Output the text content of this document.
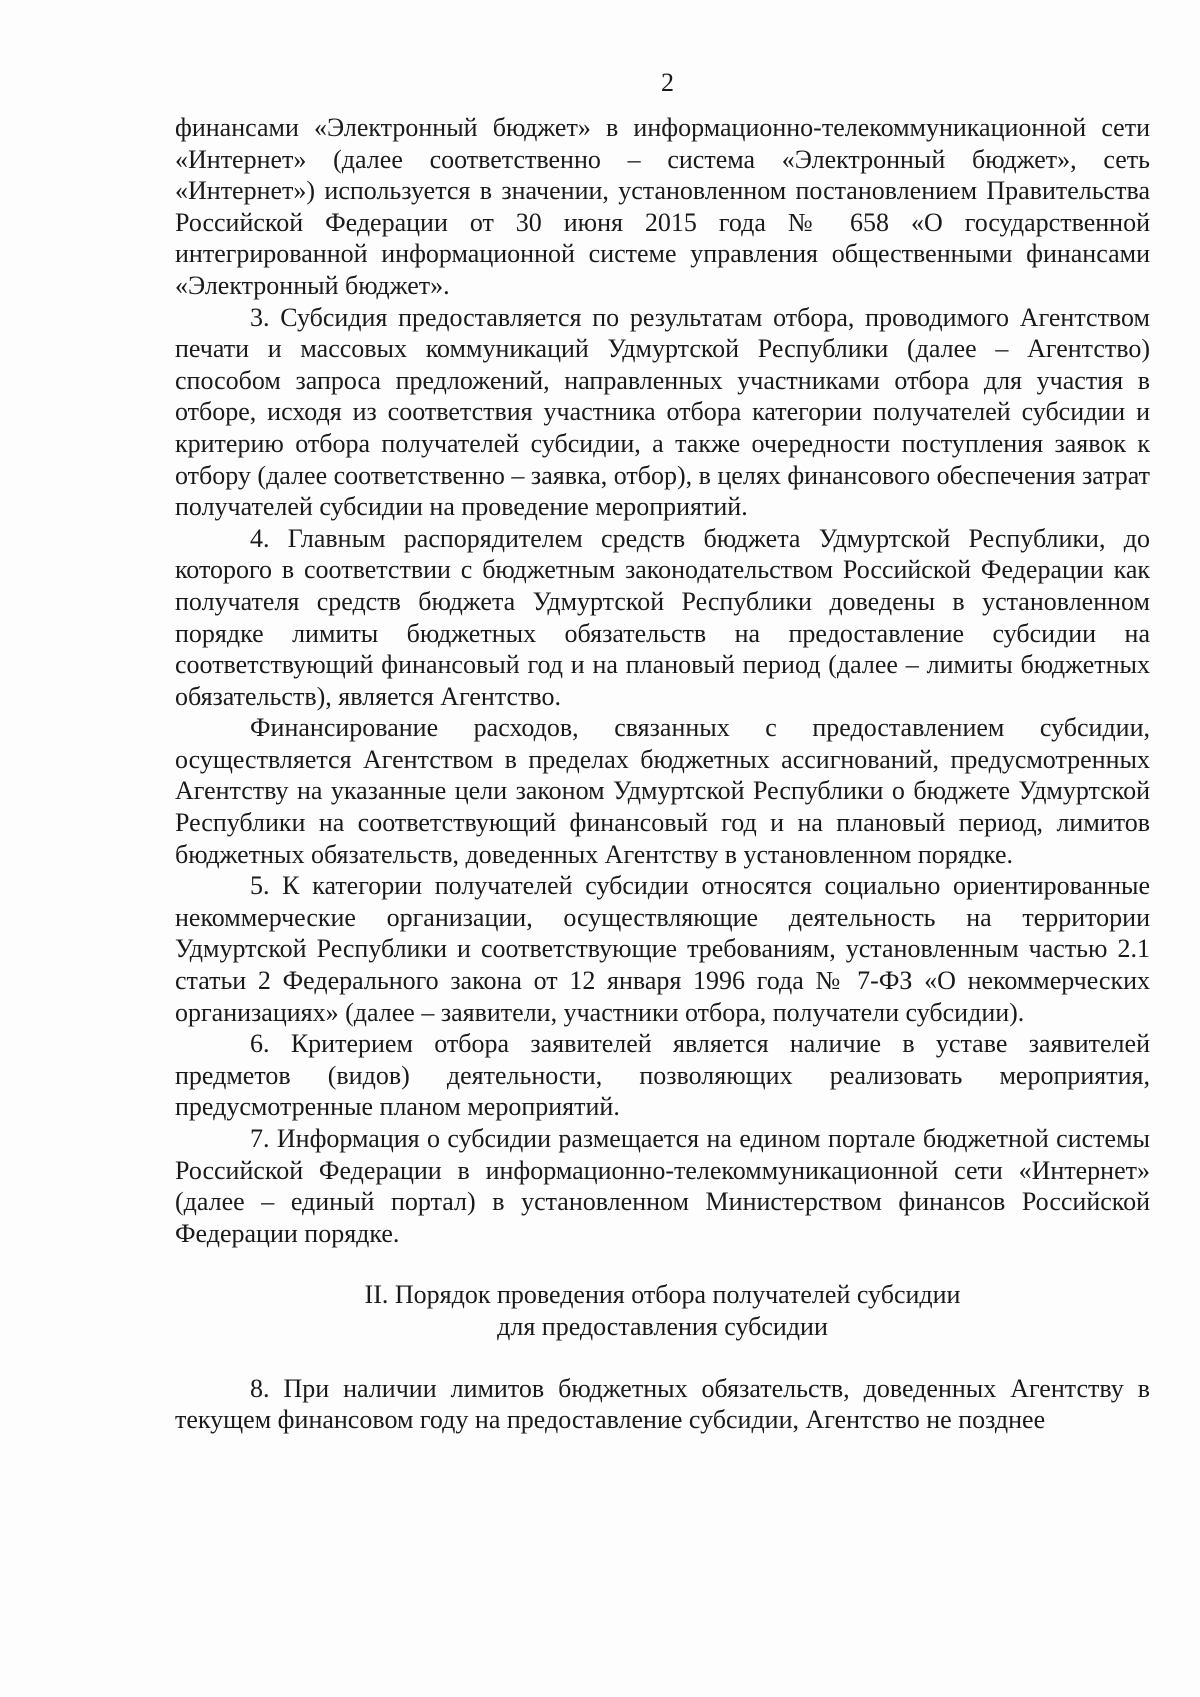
2

финансами «Электронный бюджет» в информационно-телекоммуникационной сети «Интернет» (далее соответственно – система «Электронный бюджет», сеть «Интернет») используется в значении, установленном постановлением Правительства Российской Федерации от 30 июня 2015 года № 658 «О государственной интегрированной информационной системе управления общественными финансами «Электронный бюджет».

3. Субсидия предоставляется по результатам отбора, проводимого Агентством печати и массовых коммуникаций Удмуртской Республики (далее – Агентство) способом запроса предложений, направленных участниками отбора для участия в отборе, исходя из соответствия участника отбора категории получателей субсидии и критерию отбора получателей субсидии, а также очередности поступления заявок к отбору (далее соответственно – заявка, отбор), в целях финансового обеспечения затрат получателей субсидии на проведение мероприятий.

4. Главным распорядителем средств бюджета Удмуртской Республики, до которого в соответствии с бюджетным законодательством Российской Федерации как получателя средств бюджета Удмуртской Республики доведены в установленном порядке лимиты бюджетных обязательств на предоставление субсидии на соответствующий финансовый год и на плановый период (далее – лимиты бюджетных обязательств), является Агентство.

Финансирование расходов, связанных с предоставлением субсидии, осуществляется Агентством в пределах бюджетных ассигнований, предусмотренных Агентству на указанные цели законом Удмуртской Республики о бюджете Удмуртской Республики на соответствующий финансовый год и на плановый период, лимитов бюджетных обязательств, доведенных Агентству в установленном порядке.

5. К категории получателей субсидии относятся социально ориентированные некоммерческие организации, осуществляющие деятельность на территории Удмуртской Республики и соответствующие требованиям, установленным частью 2.1 статьи 2 Федерального закона от 12 января 1996 года № 7-ФЗ «О некоммерческих организациях» (далее – заявители, участники отбора, получатели субсидии).

6. Критерием отбора заявителей является наличие в уставе заявителей предметов (видов) деятельности, позволяющих реализовать мероприятия, предусмотренные планом мероприятий.

7. Информация о субсидии размещается на едином портале бюджетной системы Российской Федерации в информационно-телекоммуникационной сети «Интернет» (далее – единый портал) в установленном Министерством финансов Российской Федерации порядке.

II. Порядок проведения отбора получателей субсидии

для предоставления субсидии

8. При наличии лимитов бюджетных обязательств, доведенных Агентству в текущем финансовом году на предоставление субсидии, Агентство не позднее
